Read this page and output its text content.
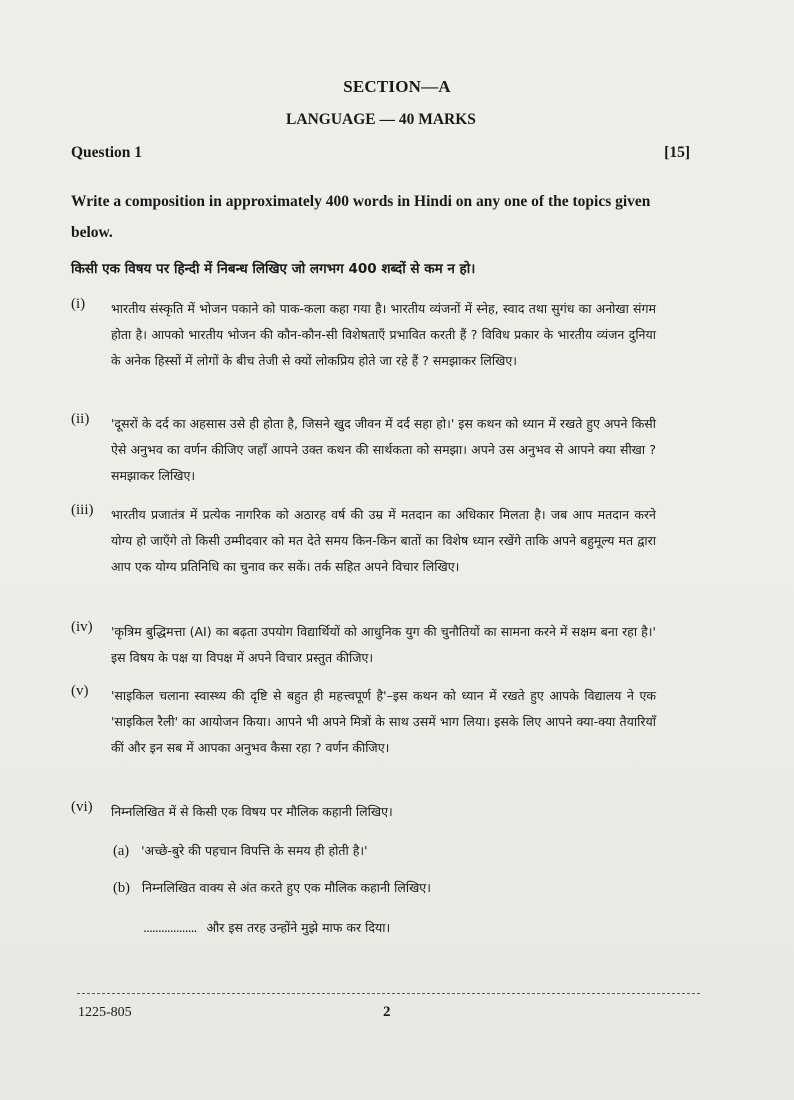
SECTION—A
LANGUAGE — 40 MARKS
Question 1	[15]
Write a composition in approximately 400 words in Hindi on any one of the topics given below.
किसी एक विषय पर हिन्दी में निबन्ध लिखिए जो लगभग 400 शब्दों से कम न हो।
(i)	भारतीय संस्कृति में भोजन पकाने को पाक-कला कहा गया है। भारतीय व्यंजनों में स्नेह, स्वाद तथा सुगंध का अनोखा संगम होता है। आपको भारतीय भोजन की कौन-कौन-सी विशेषताएँ प्रभावित करती हैं ? विविध प्रकार के भारतीय व्यंजन दुनिया के अनेक हिस्सों में लोगों के बीच तेजी से क्यों लोकप्रिय होते जा रहे हैं ? समझाकर लिखिए।
(ii)	'दूसरों के दर्द का अहसास उसे ही होता है, जिसने खुद जीवन में दर्द सहा हो।' इस कथन को ध्यान में रखते हुए अपने किसी ऐसे अनुभव का वर्णन कीजिए जहाँ आपने उक्त कथन की सार्थकता को समझा। अपने उस अनुभव से आपने क्या सीखा ? समझाकर लिखिए।
(iii)	भारतीय प्रजातंत्र में प्रत्येक नागरिक को अठारह वर्ष की उम्र में मतदान का अधिकार मिलता है। जब आप मतदान करने योग्य हो जाएँगे तो किसी उम्मीदवार को मत देते समय किन-किन बातों का विशेष ध्यान रखेंगे ताकि अपने बहुमूल्य मत द्वारा आप एक योग्य प्रतिनिधि का चुनाव कर सकें। तर्क सहित अपने विचार लिखिए।
(iv)	'कृत्रिम बुद्धिमत्ता (AI) का बढ़ता उपयोग विद्यार्थियों को आधुनिक युग की चुनौतियों का सामना करने में सक्षम बना रहा है।' इस विषय के पक्ष या विपक्ष में अपने विचार प्रस्तुत कीजिए।
(v)	'साइकिल चलाना स्वास्थ्य की दृष्टि से बहुत ही महत्त्वपूर्ण है'–इस कथन को ध्यान में रखते हुए आपके विद्यालय ने एक 'साइकिल रैली' का आयोजन किया। आपने भी अपने मित्रों के साथ उसमें भाग लिया। इसके लिए आपने क्या-क्या तैयारियाँ कीं और इन सब में आपका अनुभव कैसा रहा ? वर्णन कीजिए।
(vi)	निम्नलिखित में से किसी एक विषय पर मौलिक कहानी लिखिए।
(a) 'अच्छे-बुरे की पहचान विपत्ति के समय ही होती है।'
(b) निम्नलिखित वाक्य से अंत करते हुए एक मौलिक कहानी लिखिए।
.................. और इस तरह उन्होंने मुझे माफ कर दिया।
1225-805	2
